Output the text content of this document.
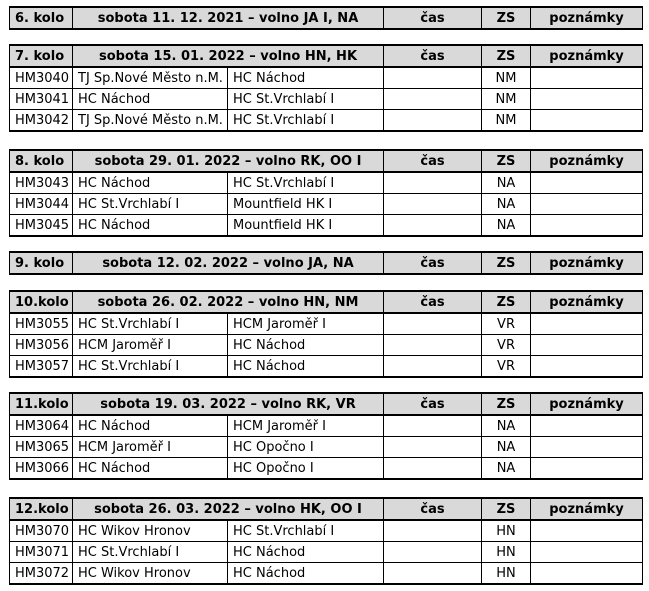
6. kolo	sobota 11. 12. 2021 – volno JA I, NA	čas	ZS	poznámky
7. kolo	sobota 15. 01. 2022 – volno HN, HK		čas	ZS	poznámky
HM3040	TJ Sp.Nové Město n.M.	HC Náchod		NM	
HM3041	HC Náchod	HC St.Vrchlabí I		NM	
HM3042	TJ Sp.Nové Město n.M.	HC St.Vrchlabí I		NM	
8. kolo	sobota 29. 01. 2022 – volno RK, OO I		čas	ZS	poznámky
HM3043	HC Náchod	HC St.Vrchlabí I		NA	
HM3044	HC St.Vrchlabí I	Mountfield HK I		NA	
HM3045	HC Náchod	Mountfield HK I		NA	
9. kolo	sobota 12. 02. 2022 – volno JA, NA	čas	ZS	poznámky
10.kolo	sobota 26. 02. 2022 – volno HN, NM		čas	ZS	poznámky
HM3055	HC St.Vrchlabí I	HCM Jaroměř I		VR	
HM3056	HCM Jaroměř I	HC Náchod		VR	
HM3057	HC St.Vrchlabí I	HC Náchod		VR	
11.kolo	sobota 19. 03. 2022 – volno RK, VR		čas	ZS	poznámky
HM3064	HC Náchod	HCM Jaroměř I		NA	
HM3065	HCM Jaroměř I	HC Opočno I		NA	
HM3066	HC Náchod	HC Opočno I		NA	
12.kolo	sobota 26. 03. 2022 – volno HK, OO I		čas	ZS	poznámky
HM3070	HC Wikov Hronov	HC St.Vrchlabí I		HN	
HM3071	HC St.Vrchlabí I	HC Náchod		HN	
HM3072	HC Wikov Hronov	HC Náchod		HN	
